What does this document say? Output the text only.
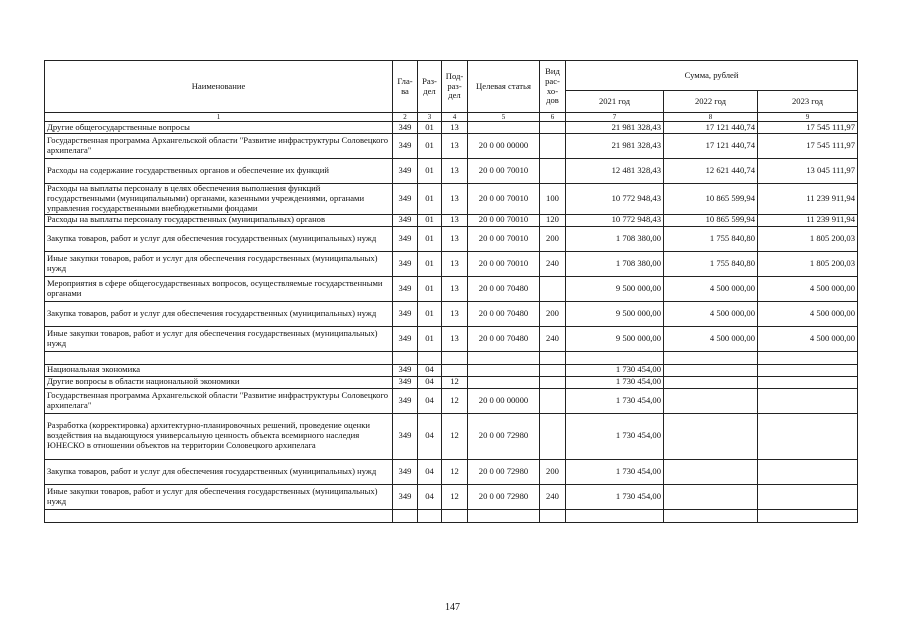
Наименование	Гла-ва	Раз-дел	Под-раз-дел	Целевая статья	Вид рас-хо-дов	Сумма, рублей		
						2021 год	2022 год	2023 год
1	2	3	4	5	6	7	8	9
Другие общегосударственные вопросы	349	01	13			21 981 328,43	17 121 440,74	17 545 111,97
Государственная программа Архангельской области "Развитие инфраструктуры Соловецкого архипелага"	349	01	13	20 0 00 00000		21 981 328,43	17 121 440,74	17 545 111,97
Расходы на содержание государственных органов и обеспечение их функций	349	01	13	20 0 00 70010		12 481 328,43	12 621 440,74	13 045 111,97
Расходы на выплаты персоналу в целях обеспечения выполнения функций государственными (муниципальными) органами, казенными учреждениями, органами управления государственными внебюджетными фондами	349	01	13	20 0 00 70010	100	10 772 948,43	10 865 599,94	11 239 911,94
Расходы на выплаты персоналу государственных (муниципальных) органов	349	01	13	20 0 00 70010	120	10 772 948,43	10 865 599,94	11 239 911,94
Закупка товаров, работ и услуг для обеспечения государственных (муниципальных) нужд	349	01	13	20 0 00 70010	200	1 708 380,00	1 755 840,80	1 805 200,03
Иные закупки товаров, работ и услуг для обеспечения государственных (муниципальных) нужд	349	01	13	20 0 00 70010	240	1 708 380,00	1 755 840,80	1 805 200,03
Мероприятия в сфере общегосударственных вопросов, осуществляемые государственными органами	349	01	13	20 0 00 70480		9 500 000,00	4 500 000,00	4 500 000,00
Закупка товаров, работ и услуг для обеспечения государственных (муниципальных) нужд	349	01	13	20 0 00 70480	200	9 500 000,00	4 500 000,00	4 500 000,00
Иные закупки товаров, работ и услуг для обеспечения государственных (муниципальных) нужд	349	01	13	20 0 00 70480	240	9 500 000,00	4 500 000,00	4 500 000,00

Национальная экономика	349	04				1 730 454,00		
Другие вопросы в области национальной экономики	349	04	12			1 730 454,00		
Государственная программа Архангельской области "Развитие инфраструктуры Соловецкого архипелага"	349	04	12	20 0 00 00000		1 730 454,00		
Разработка (корректировка) архитектурно-планировочных решений, проведение оценки воздействия на выдающуюся универсальную ценность объекта всемирного наследия ЮНЕСКО в отношении объектов на территории Соловецкого архипелага	349	04	12	20 0 00 72980		1 730 454,00		
Закупка товаров, работ и услуг для обеспечения государственных (муниципальных) нужд	349	04	12	20 0 00 72980	200	1 730 454,00		
Иные закупки товаров, работ и услуг для обеспечения государственных (муниципальных) нужд	349	04	12	20 0 00 72980	240	1 730 454,00		

147
